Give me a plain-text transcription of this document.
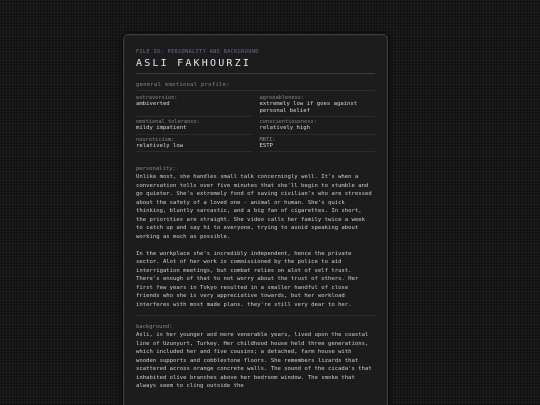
FILE IO: PERSONALITY AND BACKGROUND
ASLI FAKHOURZI
general emotional profile:
extraversion:
ambiverted
agreeableness:
extremely low if goes against personal belief
emotional tolerance:
mildy impatient
conscientiousness:
relatively high
neuroticism:
relatively low
MBTI:
ESTP
personality:

Unlike most, she handles small talk concerningly well. It's when a conversation tolls over five minutes that she'll begin to stumble and go quieter. She's extremely fond of saving civilian's who are stressed about the safety of a loved one - animal or human. She's quick thinking, bluntly sarcastic, and a big fan of cigarettes. In short, the priorities are straight. She video calls her family twice a week to catch up and say hi to everyone, trying to avoid speaking about working as much as possible.

In the workplace she's incredibly independent, hence the private sector. Alot of her work is commissioned by the police to aid interrigation meetings, but combat relies on alot of self trust. There's enough of that to not worry about the trust of others. Her first few years in Tokyo resulted in a smaller handful of close friends who she is very appreciative towards, but her workload interferes with most made plans. they're still very dear to her.

background:

Asli, is her younger and more venerable years, lived upon the coastal line of Uzunyurt, Turkey. Her childhood house held three generations, which included her and five cousins; a detached, farm house with wooden supports and cobblestone floors. She remembers lizards that scattered across orange concrete walls. The sound of the cicada's that inhabited olive branches above her bedroom window. The smoke that always seem to cling outside the
